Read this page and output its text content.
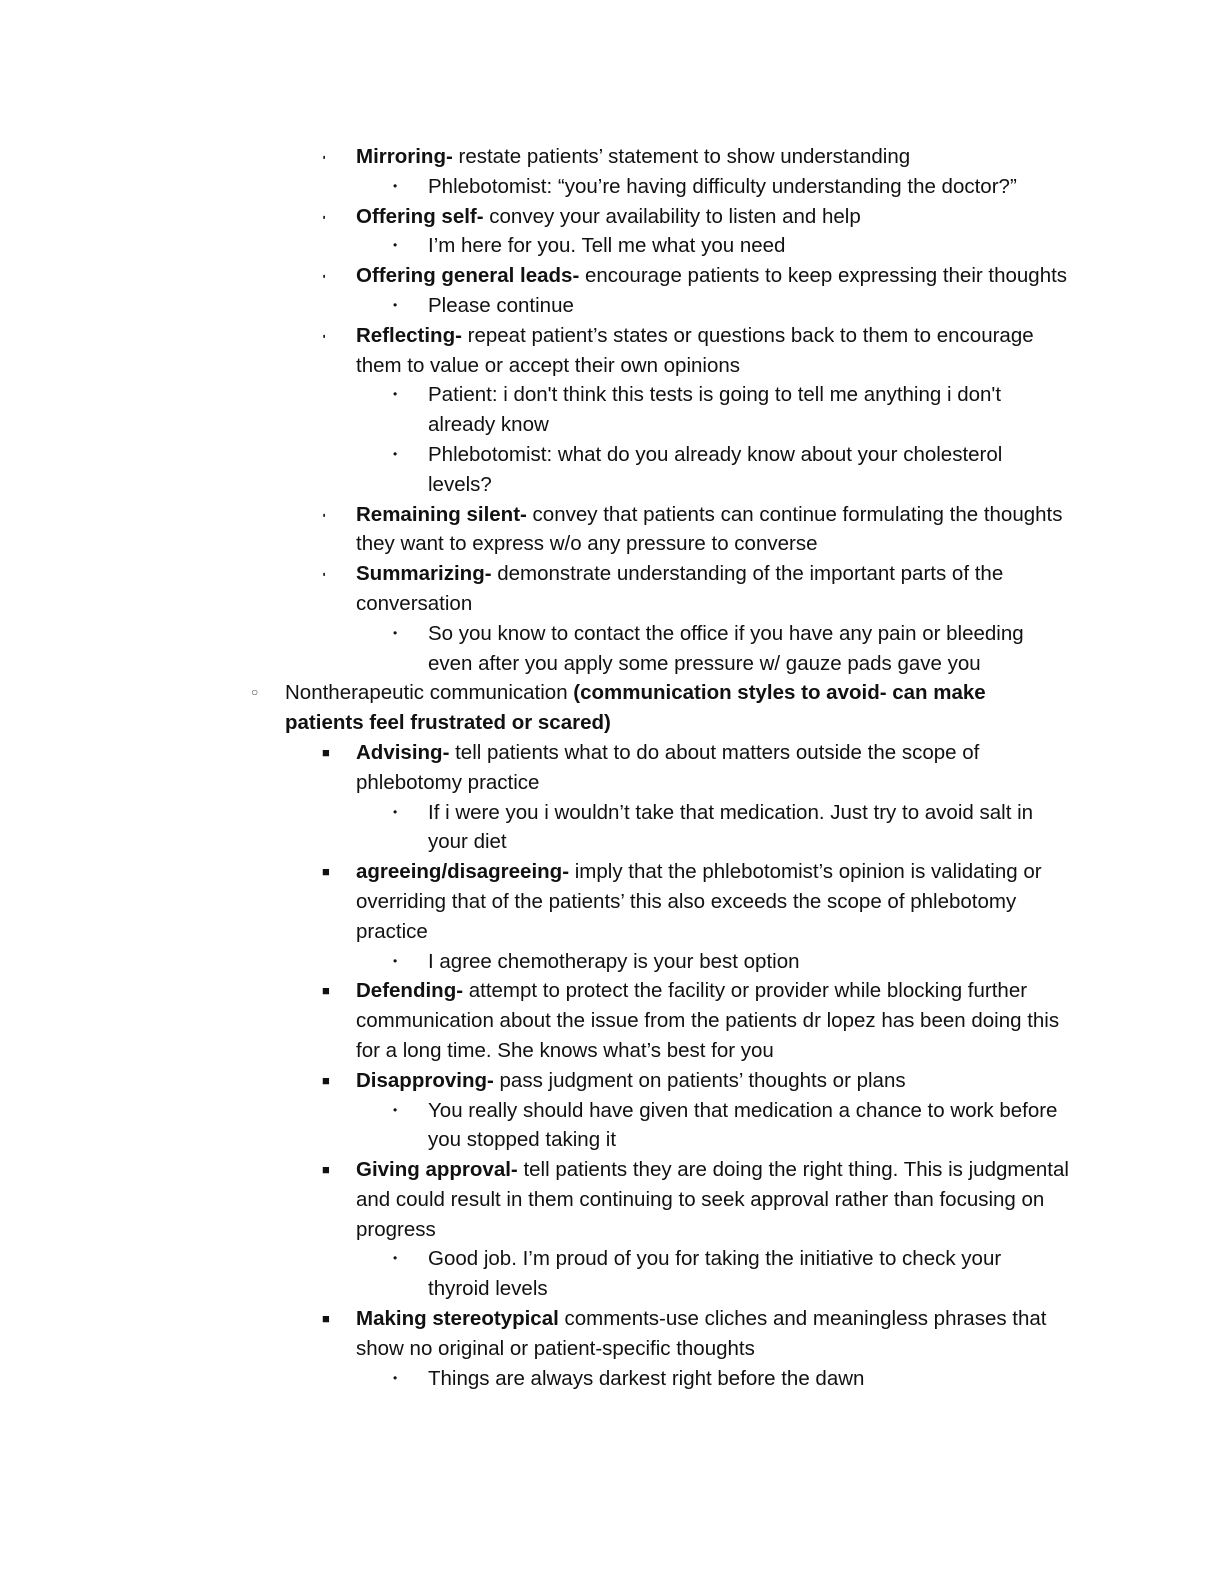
▪ Mirroring- restate patients’ statement to show understanding
• Phlebotomist: “you’re having difficulty understanding the doctor?”
▪ Offering self- convey your availability to listen and help
• I’m here for you. Tell me what you need
▪ Offering general leads- encourage patients to keep expressing their thoughts
• Please continue
▪ Reflecting- repeat patient’s states or questions back to them to encourage them to value or accept their own opinions
• Patient: i don't think this tests is going to tell me anything i don't already know
• Phlebotomist: what do you already know about your cholesterol levels?
▪ Remaining silent- convey that patients can continue formulating the thoughts they want to express w/o any pressure to converse
▪ Summarizing- demonstrate understanding of the important parts of the conversation
• So you know to contact the office if you have any pain or bleeding even after you apply some pressure w/ gauze pads gave you
○ Nontherapeutic communication (communication styles to avoid- can make patients feel frustrated or scared)
■ Advising- tell patients what to do about matters outside the scope of phlebotomy practice
• If i were you i wouldn’t take that medication. Just try to avoid salt in your diet
■ agreeing/disagreeing- imply that the phlebotomist’s opinion is validating or overriding that of the patients’ this also exceeds the scope of phlebotomy practice
• I agree chemotherapy is your best option
■ Defending- attempt to protect the facility or provider while blocking further communication about the issue from the patients dr lopez has been doing this for a long time. She knows what’s best for you
■ Disapproving- pass judgment on patients’ thoughts or plans
• You really should have given that medication a chance to work before you stopped taking it
■ Giving approval- tell patients they are doing the right thing. This is judgmental and could result in them continuing to seek approval rather than focusing on progress
• Good job. I’m proud of you for taking the initiative to check your thyroid levels
■ Making stereotypical comments-use cliches and meaningless phrases that show no original or patient-specific thoughts
• Things are always darkest right before the dawn
